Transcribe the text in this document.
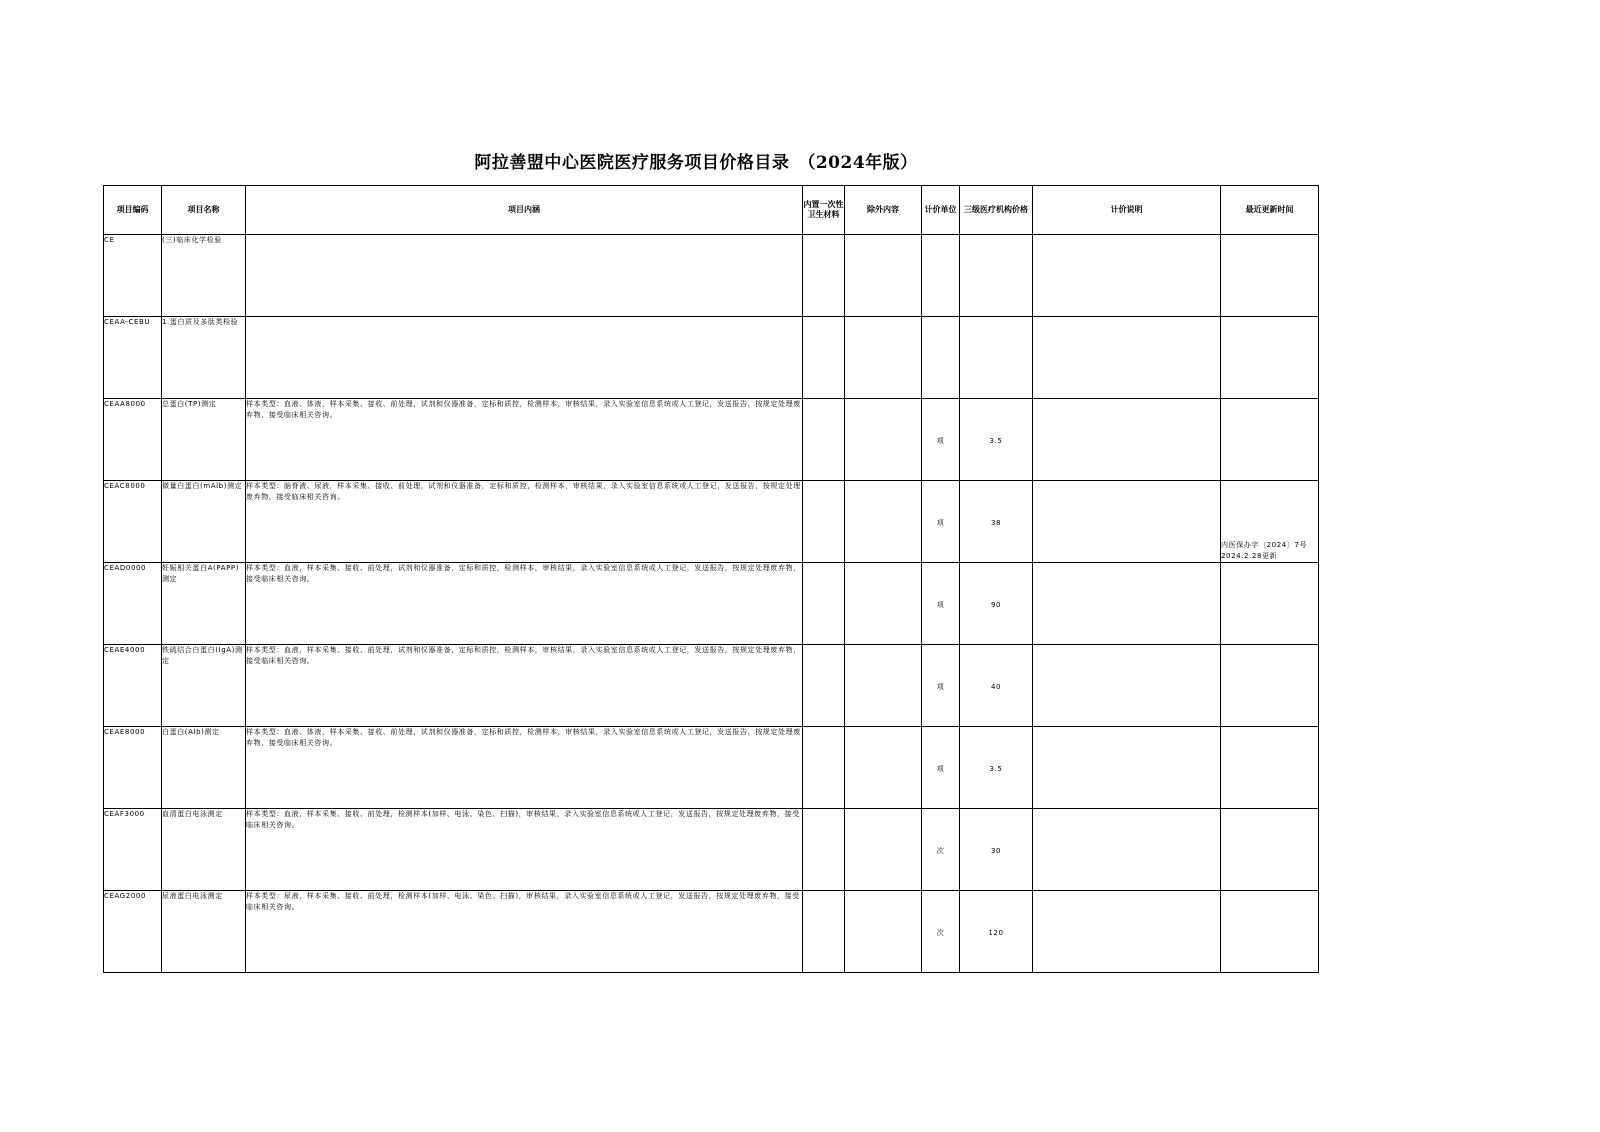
阿拉善盟中心医院医疗服务项目价格目录　（2024年版）
项目编码	项目名称	项目内涵	内置一次性卫生材料	除外内容	计价单位	三级医疗机构价格	计价说明	最近更新时间
CE	(三)临床化学检验							
CEAA-CEBU	1.蛋白质及多肽类检验							
CEAA8000	总蛋白(TP)测定	样本类型：血液、体液，样本采集、接收、前处理，试剂和仪器准备，定标和质控，检测样本，审核结果，录入实验室信息系统或人工登记，发送报告，按规定处理废弃物，接受临床相关咨询。			项	3.5		
CEAC8000	微量白蛋白(mAlb)测定	样本类型：脑脊液、尿液，样本采集、接收、前处理，试剂和仪器准备，定标和质控，检测样本，审核结果，录入实验室信息系统或人工登记，发送报告，按规定处理废弃物，接受临床相关咨询。			项	38		内医保办字〔2024〕7号 2024.2.28更新
CEAD0000	妊娠相关蛋白A(PAPP)测定	样本类型：血液，样本采集、接收、前处理，试剂和仪器准备，定标和质控，检测样本，审核结果，录入实验室信息系统或人工登记，发送报告，按规定处理废弃物，接受临床相关咨询。			项	90		
CEAE4000	铁硫结合白蛋白(IgA)测定	样本类型：血液，样本采集、接收、前处理，试剂和仪器准备，定标和质控，检测样本，审核结果，录入实验室信息系统或人工登记，发送报告，按规定处理废弃物，接受临床相关咨询。			项	40		
CEAE8000	白蛋白(Alb)测定	样本类型：血液、体液，样本采集、接收、前处理，试剂和仪器准备，定标和质控，检测样本，审核结果，录入实验室信息系统或人工登记，发送报告，按规定处理废弃物，接受临床相关咨询。			项	3.5		
CEAF3000	血清蛋白电泳测定	样本类型：血液，样本采集、接收、前处理，检测样本(加样、电泳、染色、扫描)，审核结果，录入实验室信息系统或人工登记，发送报告，按规定处理废弃物，接受临床相关咨询。			次	30		
CEAG2000	尿液蛋白电泳测定	样本类型：尿液，样本采集、接收、前处理，检测样本(加样、电泳、染色、扫描)，审核结果，录入实验室信息系统或人工登记，发送报告，按规定处理废弃物，接受临床相关咨询。			次	120		
